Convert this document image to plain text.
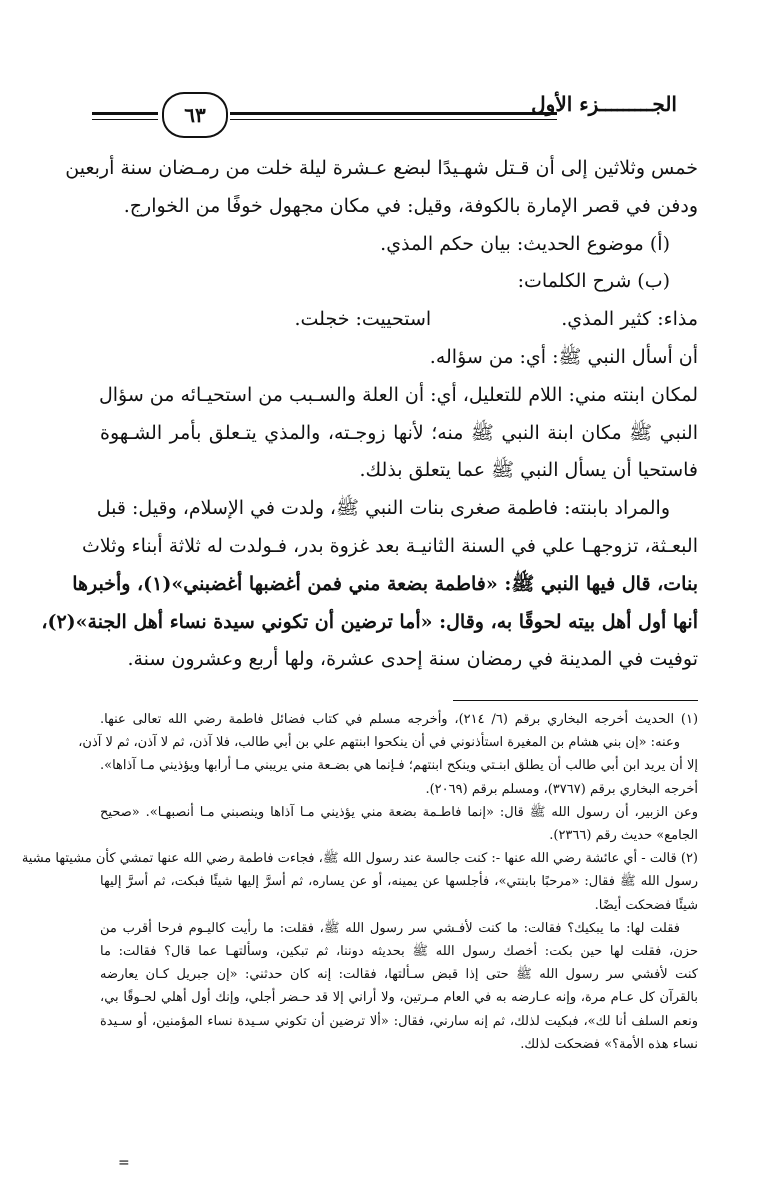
الجـــــــــزء الأول
٦٣
خمس وثلاثين إلى أن قـتل شهـيدًا لبضع عـشرة ليلة خلت من رمـضان سنة أربعين
ودفن في قصر الإمارة بالكوفة، وقيل: في مكان مجهول خوفًا من الخوارج.
(أ) موضوع الحديث: بيان حكم المذي.
(ب) شرح الكلمات:
مذاء: كثير المذي.استحييت: خجلت.
أن أسأل النبي ﷺ: أي: من سؤاله.
لمكان ابنته مني: اللام للتعليل، أي: أن العلة والسـبب من استحيـائه من سؤال
النبي ﷺ مكان ابنة النبي ﷺ منه؛ لأنها زوجـته، والمذي يتـعلق بأمر الشـهوة
فاستحيا أن يسأل النبي ﷺ عما يتعلق بذلك.
والمراد بابنته: فاطمة صغرى بنات النبي ﷺ، ولدت في الإسلام، وقيل: قبل
البعـثة، تزوجهـا علي في السنة الثانيـة بعد غزوة بدر، فـولدت له ثلاثة أبناء وثلاث
بنات، قال فيها النبي ﷺ: «فاطمة بضعة مني فمن أغضبها أغضبني»(١)، وأخبرها
أنها أول أهل بيته لحوقًا به، وقال: «أما ترضين أن تكوني سيدة نساء أهل الجنة»(٢)،
توفيت في المدينة في رمضان سنة إحدى عشرة، ولها أربع وعشرون سنة.
(١) الحديث أخرجه البخاري برقم (٦/ ٢١٤)، وأخرجه مسلم في كتاب فضائل فاطمة رضي الله تعالى عنها.
وعنه: «إن بني هشام بن المغيرة استأذنوني في أن ينكحوا ابنتهم علي بن أبي طالب، فلا آذن، ثم لا آذن، ثم لا آذن،
إلا أن يريد ابن أبي طالب أن يطلق ابنـتي وينكح ابنتهم؛ فـإنما هي بضـعة مني يريبني مـا أرابها ويؤذيني مـا آذاها».
أخرجه البخاري برقم (٣٧٦٧)، ومسلم برقم (٢٠٦٩).
وعن الزبير، أن رسول الله ﷺ قال: «إنما فاطـمة بضعة مني يؤذيني مـا آذاها وينصبني مـا أنصبهـا». «صحيح
الجامع» حديث رقم (٢٣٦٦).
(٢) قالت - أي عائشة رضي الله عنها -: كنت جالسة عند رسول الله ﷺ، فجاءت فاطمة رضي الله عنها تمشي كأن مشيتها مشية
رسول الله ﷺ فقال: «مرحبًا بابنتي»، فأجلسها عن يمينه، أو عن يساره، ثم أسرَّ إليها شيئًا فبكت، ثم أسرَّ إليها
شيئًا فضحكت أيضًا.
فقلت لها: ما يبكيك؟ فقالت: ما كنت لأفـشي سر رسول الله ﷺ، فقلت: ما رأيت كاليـوم فرحا أقرب من
حزن، فقلت لها حين بكت: أخصك رسول الله ﷺ بحديثه دوننا، ثم تبكين، وسألتهـا عما قال؟ فقالت: ما
كنت لأفشي سر رسول الله ﷺ حتى إذا قبض سـألتها، فقالت: إنه كان حدثني: «إن جبريل كـان يعارضه
بالقرآن كل عـام مرة، وإنه عـارضه به في العام مـرتين، ولا أراني إلا قد حـضر أجلي، وإنك أول أهلي لحـوقًا بي،
ونعم السلف أنا لك»، فبكيت لذلك، ثم إنه سارني، فقال: «ألا ترضين أن تكوني سـيدة نساء المؤمنين، أو سـيدة
نساء هذه الأمة؟» فضحكت لذلك.
=
